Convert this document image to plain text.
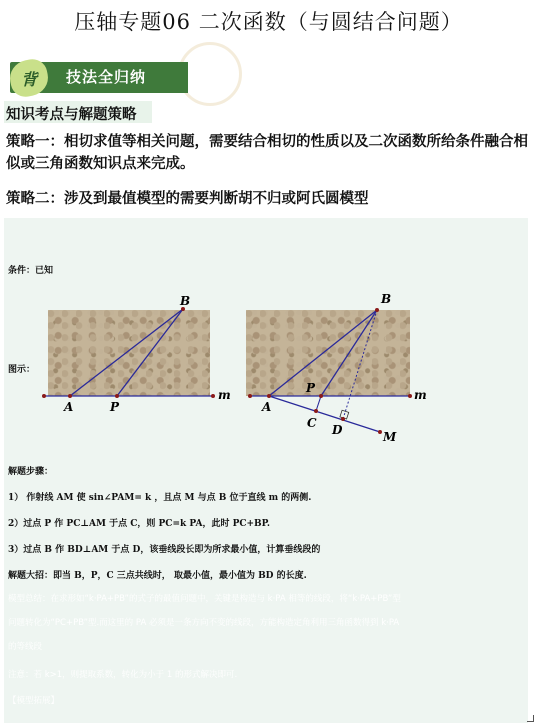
压轴专题06 二次函数（与圆结合问题）
背 技法全归纳
知识考点与解题策略
策略一：相切求值等相关问题，需要结合相切的性质以及二次函数所给条件融合相似或三角函数知识点来完成。
策略二：涉及到最值模型的需要判断胡不归或阿氏圆模型
条件：已知
图示：
B
A	P
m
B
A
P	m
C D	M
解题步骤：
1） 作射线 AM 使 sin∠PAM= k ，且点 M 与点 B 位于直线 m 的两侧.
2）过点 P 作 PC⊥AM 于点 C，则 PC=k PA，此时 PC+BP.
3）过点 B 作 BD⊥AM 于点 D，该垂线段长即为所求最小值，计算垂线段的
解题大招：即当 B，P，C 三点共线时， 取最小值，最小值为 BD 的长度.
模型总结：在求形如“k·PA+PB”的式子的最值问题中，关键是构造与 k·PA 相等的线段，将“k·PA+PB”型
问题转化为“PC+PB”型.而这里的 PA 必须是一条方向不变的线段，方能构造定角利用三角函数得到 k·PA
的等线段
注意：若 k>1，则提取系数，转化为小于 1 的形式解决即可.
【模型拓展】
